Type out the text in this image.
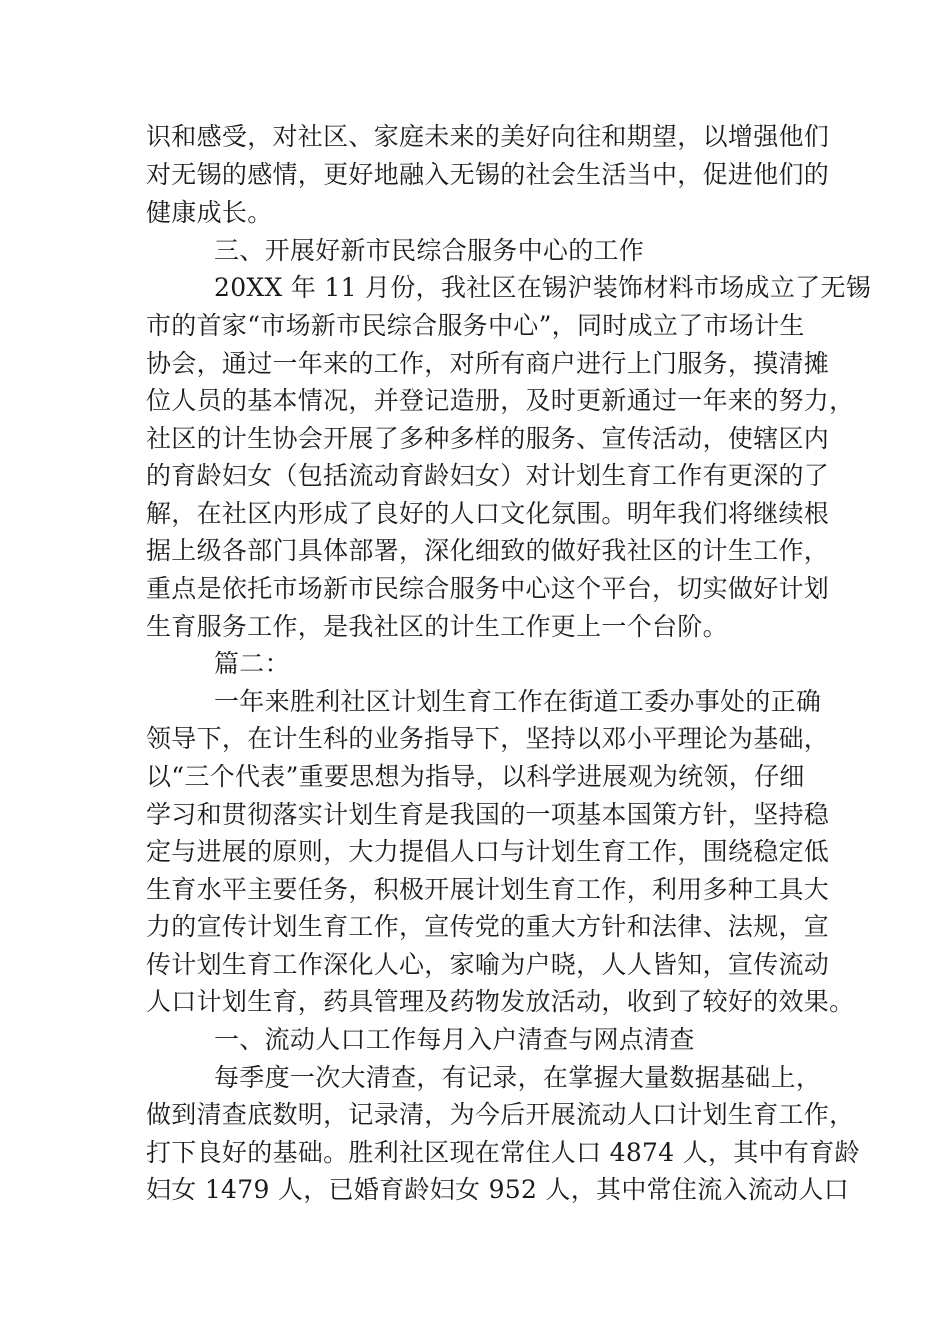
识和感受，对社区、家庭未来的美好向往和期望，以增强他们

对无锡的感情，更好地融入无锡的社会生活当中，促进他们的

健康成长。

三、开展好新市民综合服务中心的工作

20XX 年 11 月份，我社区在锡沪装饰材料市场成立了无锡

市的首家“市场新市民综合服务中心”，同时成立了市场计生

协会，通过一年来的工作，对所有商户进行上门服务，摸清摊

位人员的基本情况，并登记造册，及时更新通过一年来的努力，

社区的计生协会开展了多种多样的服务、宣传活动，使辖区内

的育龄妇女（包括流动育龄妇女）对计划生育工作有更深的了

解，在社区内形成了良好的人口文化氛围。明年我们将继续根

据上级各部门具体部署，深化细致的做好我社区的计生工作，

重点是依托市场新市民综合服务中心这个平台，切实做好计划

生育服务工作，是我社区的计生工作更上一个台阶。

篇二：

一年来胜利社区计划生育工作在街道工委办事处的正确

领导下，在计生科的业务指导下，坚持以邓小平理论为基础，

以“三个代表”重要思想为指导，以科学进展观为统领，仔细

学习和贯彻落实计划生育是我国的一项基本国策方针，坚持稳

定与进展的原则，大力提倡人口与计划生育工作，围绕稳定低

生育水平主要任务，积极开展计划生育工作，利用多种工具大

力的宣传计划生育工作，宣传党的重大方针和法律、法规，宣

传计划生育工作深化人心，家喻为户晓，人人皆知，宣传流动

人口计划生育，药具管理及药物发放活动，收到了较好的效果。

一、流动人口工作每月入户清查与网点清查

每季度一次大清查，有记录，在掌握大量数据基础上，

做到清查底数明，记录清，为今后开展流动人口计划生育工作，

打下良好的基础。胜利社区现在常住人口 4874 人，其中有育龄

妇女 1479 人，已婚育龄妇女 952 人，其中常住流入流动人口
